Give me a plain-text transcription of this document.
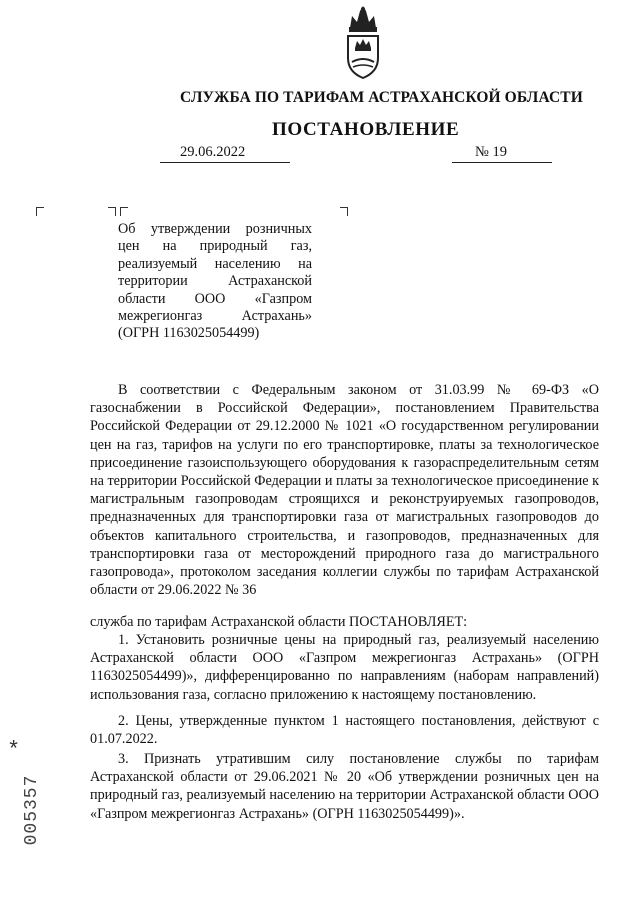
СЛУЖБА ПО ТАРИФАМ АСТРАХАНСКОЙ ОБЛАСТИ
ПОСТАНОВЛЕНИЕ
29.06.2022	№ 19
Об утверждении розничных цен на природный газ, реализуемый населению на территории Астраханской области ООО «Газпром межрегионгаз Астрахань» (ОГРН 1163025054499)
В соответствии с Федеральным законом от 31.03.99 № 69-ФЗ «О газоснабжении в Российской Федерации», постановлением Правительства Российской Федерации от 29.12.2000 № 1021 «О государственном регулировании цен на газ, тарифов на услуги по его транспортировке, платы за технологическое присоединение газоиспользующего оборудования к газораспределительным сетям на территории Российской Федерации и платы за технологическое присоединение к магистральным газопроводам строящихся и реконструируемых газопроводов, предназначенных для транспортировки газа от магистральных газопроводов до объектов капитального строительства, и газопроводов, предназначенных для транспортировки газа от месторождений природного газа до магистрального газопровода», протоколом заседания коллегии службы по тарифам Астраханской области от 29.06.2022 № 36
служба по тарифам Астраханской области ПОСТАНОВЛЯЕТ:
1. Установить розничные цены на природный газ, реализуемый населению Астраханской области ООО «Газпром межрегионгаз Астрахань» (ОГРН 1163025054499)», дифференцированно по направлениям (наборам направлений) использования газа, согласно приложению к настоящему постановлению.
2. Цены, утвержденные пунктом 1 настоящего постановления, действуют с 01.07.2022.
3. Признать утратившим силу постановление службы по тарифам Астраханской области от 29.06.2021 № 20 «Об утверждении розничных цен на природный газ, реализуемый населению на территории Астраханской области ООО «Газпром межрегионгаз Астрахань» (ОГРН 1163025054499)».
*
005357
